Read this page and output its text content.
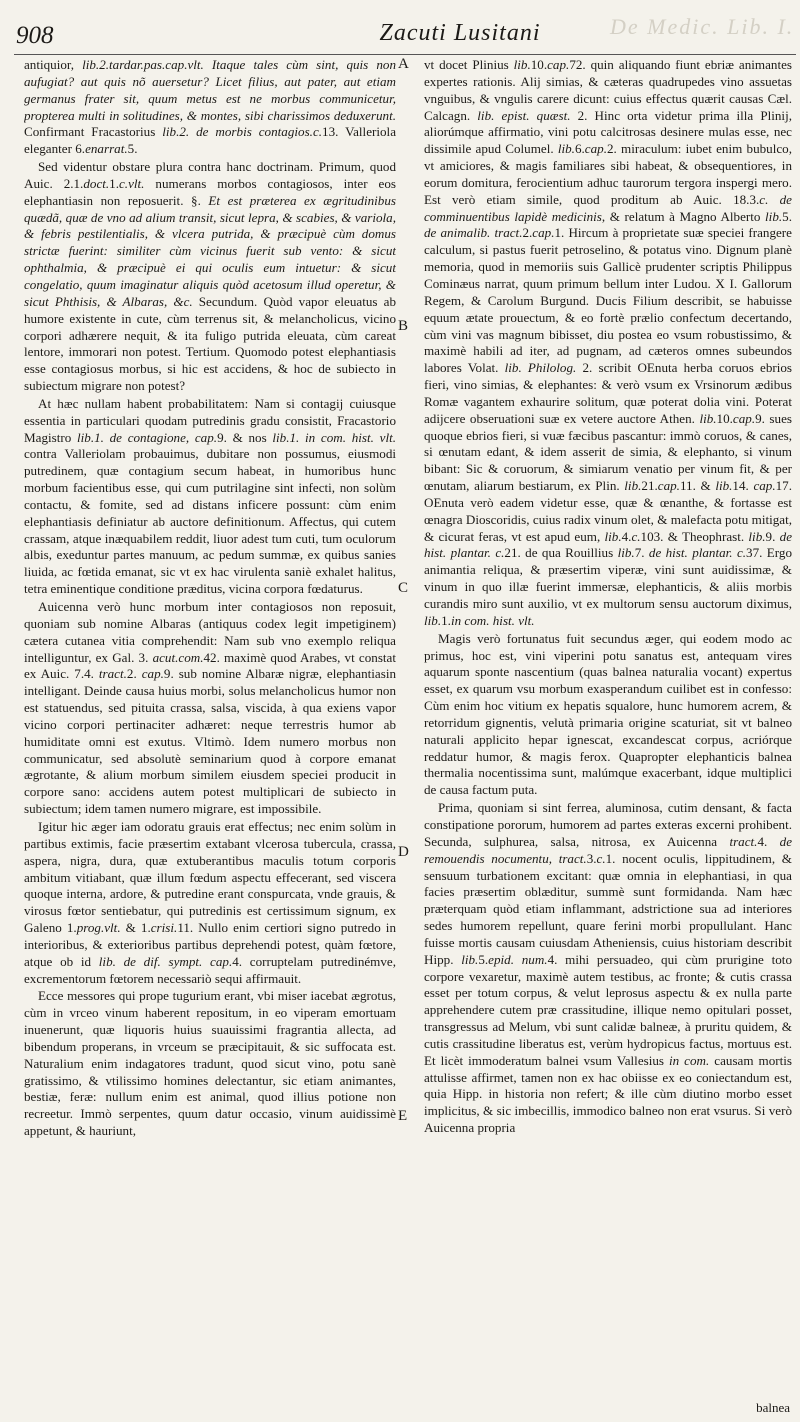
908	Zacuti Lusitani	De Medic. Lib. I.

antiquior, lib.2.tardar.pas.cap.vlt. Itaque tales cùm sint, quis non aufugiat? aut quis nõ auersetur? Licet filius, aut pater, aut etiam germanus frater sit, quum metus est ne morbus communicetur, propterea multi in solitudines, & montes, sibi charissimos deduxerunt. Confirmant Fracastorius lib.2. de morbis contagios.c.13. Valleriola eleganter 6.enarrat.5.

Sed videntur obstare plura contra hanc doctrinam. Primum, quod Auic. 2.1.doct.1.c.vlt. numerans morbos contagiosos, inter eos elephantiasin non reposuerit. §. Et est præterea ex ægritudinibus quædã, quæ de vno ad alium transit, sicut lepra, & scabies, & variola, & febris pestilentialis, & vlcera putrida, & præcipuè cùm domus strictæ fuerint: similiter cùm vicinus fuerit sub vento: & sicut ophthalmia, & præcipuè ei qui oculis eum intuetur: & sicut congelatio, quum imaginatur aliquis quòd acetosum illud operetur, & sicut Phthisis, & Albaras, &c. Secundum. Quòd vapor eleuatus ab humore existente in cute, cùm terrenus sit, & melancholicus, vicino corpori adhærere nequit, & ita fuligo putrida eleuata, cùm careat lentore, immorari non potest. Tertium. Quomodo potest elephantiasis esse contagiosus morbus, si hic est accidens, & hoc de subiecto in subiectum migrare non potest?

At hæc nullam habent probabilitatem: Nam si contagij cuiusque essentia in particulari quodam putredinis gradu consistit, Fracastorio Magistro lib.1. de contagione, cap.9. & nos lib.1. in com. hist. vlt. contra Valleriolam probauimus, dubitare non possumus, eiusmodi putredinem, quæ contagium secum habeat, in humoribus hunc morbum facientibus esse, qui cum putrilagine sint infecti, non solùm contactu, & fomite, sed ad distans inficere possunt: cùm enim elephantiasis definiatur ab auctore definitionum. Affectus, qui cutem crassam, atque inæquabilem reddit, liuor adest tum cuti, tum oculorum albis, exeduntur partes manuum, ac pedum summæ, ex quibus sanies liuida, ac fœtida emanat, sic vt ex hac virulenta saniè exhalet halitus, tetra eminentique conditione præditus, vicina corpora fœdaturus.

Auicenna verò hunc morbum inter contagiosos non reposuit, quoniam sub nomine Albaras (antiquus codex legit impetiginem) cætera cutanea vitia comprehendit: Nam sub vno exemplo reliqua intelliguntur, ex Gal. 3. acut.com.42. maximè quod Arabes, vt constat ex Auic. 7.4. tract.2. cap.9. sub nomine Albaræ nigræ, elephantiasin intelligant. Deinde causa huius morbi, solus melancholicus humor non est statuendus, sed pituita crassa, salsa, viscida, à qua exiens vapor vicino corpori pertinaciter adhæret: neque terrestris humor ab humiditate omni est exutus. Vltimò. Idem numero morbus non communicatur, sed absolutè seminarium quod à corpore emanat ægrotante, & alium morbum similem eiusdem speciei producit in corpore sano: accidens autem potest multiplicari de subiecto in subiectum; idem tamen numero migrare, est impossibile.

Igitur hic æger iam odoratu grauis erat effectus; nec enim solùm in partibus extimis, facie præsertim extabant vlcerosa tubercula, crassa, aspera, nigra, dura, quæ extuberantibus maculis totum corporis ambitum vitiabant, quæ illum fœdum aspectu effecerant, sed viscera quoque interna, ardore, & putredine erant conspurcata, vnde grauis, & virosus fœtor sentiebatur, qui putredinis est certissimum signum, ex Galeno 1.prog.vlt. & 1.crisi.11. Nullo enim certiori signo putredo in interioribus, & exterioribus partibus deprehendi potest, quàm fœtore, atque ob id lib. de dif. sympt. cap.4. corruptelam putredinémve, excrementorum fœtorem necessariò sequi affirmauit.

Ecce messores qui prope tugurium erant, vbi miser iacebat ægrotus, cùm in vrceo vinum haberent repositum, in eo viperam emortuam inuenerunt, quæ liquoris huius suauissimi fragrantia allecta, ad bibendum properans, in vrceum se præcipitauit, & sic suffocata est. Naturalium enim indagatores tradunt, quod sicut vino, potu sanè gratissimo, & vtilissimo homines delectantur, sic etiam animantes, bestiæ, feræ: nullum enim est animal, quod illius potione non recreetur. Immò serpentes, quum datur occasio, vinum auidissimè appetunt, & hauriunt,

A
B
C
D
E

vt docet Plinius lib.10.cap.72. quin aliquando fiunt ebriæ animantes expertes rationis. Alij simias, & cæteras quadrupedes vino assuetas vnguibus, & vngulis carere dicunt: cuius effectus quærit causas Cæl. Calcagn. lib. epist. quæst. 2. Hinc orta videtur prima illa Plinij, aliorúmque affirmatio, vini potu calcitrosas desinere mulas esse, nec dissimile apud Columel. lib.6.cap.2. miraculum: iubet enim bubulco, vt amiciores, & magis familiares sibi habeat, & obsequentiores, in eorum domitura, ferocientium adhuc taurorum tergora inspergi mero. Est verò etiam simile, quod proditum ab Auic. 18.3.c. de comminuentibus lapidè medicinis, & relatum à Magno Alberto lib.5. de animalib. tract.2.cap.1. Hircum à proprietate suæ speciei frangere calculum, si pastus fuerit petroselino, & potatus vino. Dignum planè memoria, quod in memoriis suis Gallicè prudenter scriptis Philippus Cominæus narrat, quum primum bellum inter Ludou. X I. Gallorum Regem, & Carolum Burgund. Ducis Filium describit, se habuisse equum ætate prouectum, & eo fortè prælio confectum decertando, cùm vini vas magnum bibisset, diu postea eo vsum robustissimo, & maximè habili ad iter, ad pugnam, ad cæteros omnes subeundos labores Volat. lib. Philolog. 2. scribit OEnuta herba coruos ebrios fieri, vino simias, & elephantes: & verò vsum ex Vrsinorum ædibus Romæ vagantem exhaurire solitum, quæ poterat dolia vini. Poterat adijcere obseruationi suæ ex vetere auctore Athen. lib.10.cap.9. sues quoque ebrios fieri, si vuæ fæcibus pascantur: immò coruos, & canes, si œnutam edant, & idem asserit de simia, & elephanto, si vinum bibant: Sic & coruorum, & simiarum venatio per vinum fit, & per œnutam, aliarum bestiarum, ex Plin. lib.21.cap.11. & lib.14. cap.17. OEnuta verò eadem videtur esse, quæ & œnanthe, & fortasse est œnagra Dioscoridis, cuius radix vinum olet, & malefacta potu mitigat, & cicurat feras, vt est apud eum, lib.4.c.103. & Theophrast. lib.9. de hist. plantar. c.21. de qua Rouillius lib.7. de hist. plantar. c.37. Ergo animantia reliqua, & præsertim viperæ, vini sunt auidissimæ, & vinum in quo illæ fuerint immersæ, elephanticis, & aliis morbis curandis miro sunt auxilio, vt ex multorum sensu auctorum diximus, lib.1.in com. hist. vlt.

Magis verò fortunatus fuit secundus æger, qui eodem modo ac primus, hoc est, vini viperini potu sanatus est, antequam vires aquarum sponte nascentium (quas balnea naturalia vocant) expertus esset, ex quarum vsu morbum exasperandum cuilibet est in confesso: Cùm enim hoc vitium ex hepatis squalore, hunc humorem acrem, & retorridum gignentis, velutà primaria origine scaturiat, sit vt balneo naturali applicito hepar ignescat, excandescat corpus, acriórque reddatur humor, & magis ferox. Quapropter elephanticis balnea thermalia nocentissima sunt, malúmque exacerbant, idque multiplici de causa factum puta.

Prima, quoniam si sint ferrea, aluminosa, cutim densant, & facta constipatione pororum, humorem ad partes exteras excerni prohibent. Secunda, sulphurea, salsa, nitrosa, ex Auicenna tract.4. de remouendis nocumentu, tract.3.c.1. nocent oculis, lippitudinem, & sensuum turbationem excitant: quæ omnia in elephantiasi, in qua facies præsertim oblæditur, summè sunt formidanda. Nam hæc præterquam quòd etiam inflammant, adstrictione sua ad interiores sedes humorem repellunt, quare ferini morbi propullulant. Hanc fuisse mortis causam cuiusdam Atheniensis, cuius historiam describit Hipp. lib.5.epid. num.4. mihi persuadeo, qui cùm prurigine toto corpore vexaretur, maximè autem testibus, ac fronte; & cutis crassa esset per totum corpus, & velut leprosus aspectu & ex nulla parte apprehendere cutem præ crassitudine, illique nemo opitulari posset, transgressus ad Melum, vbi sunt calidæ balneæ, à pruritu quidem, & cutis crassitudine liberatus est, verùm hydropicus factus, mortuus est. Et licèt immoderatum balnei vsum Vallesius in com. causam mortis attulisse affirmet, tamen non ex hac obiisse ex eo coniectandum est, quia Hipp. in historia non refert; & ille cùm diutino morbo esset implicitus, & sic imbecillis, immodico balneo non erat vsurus. Si verò Auicenna propria

balnea
